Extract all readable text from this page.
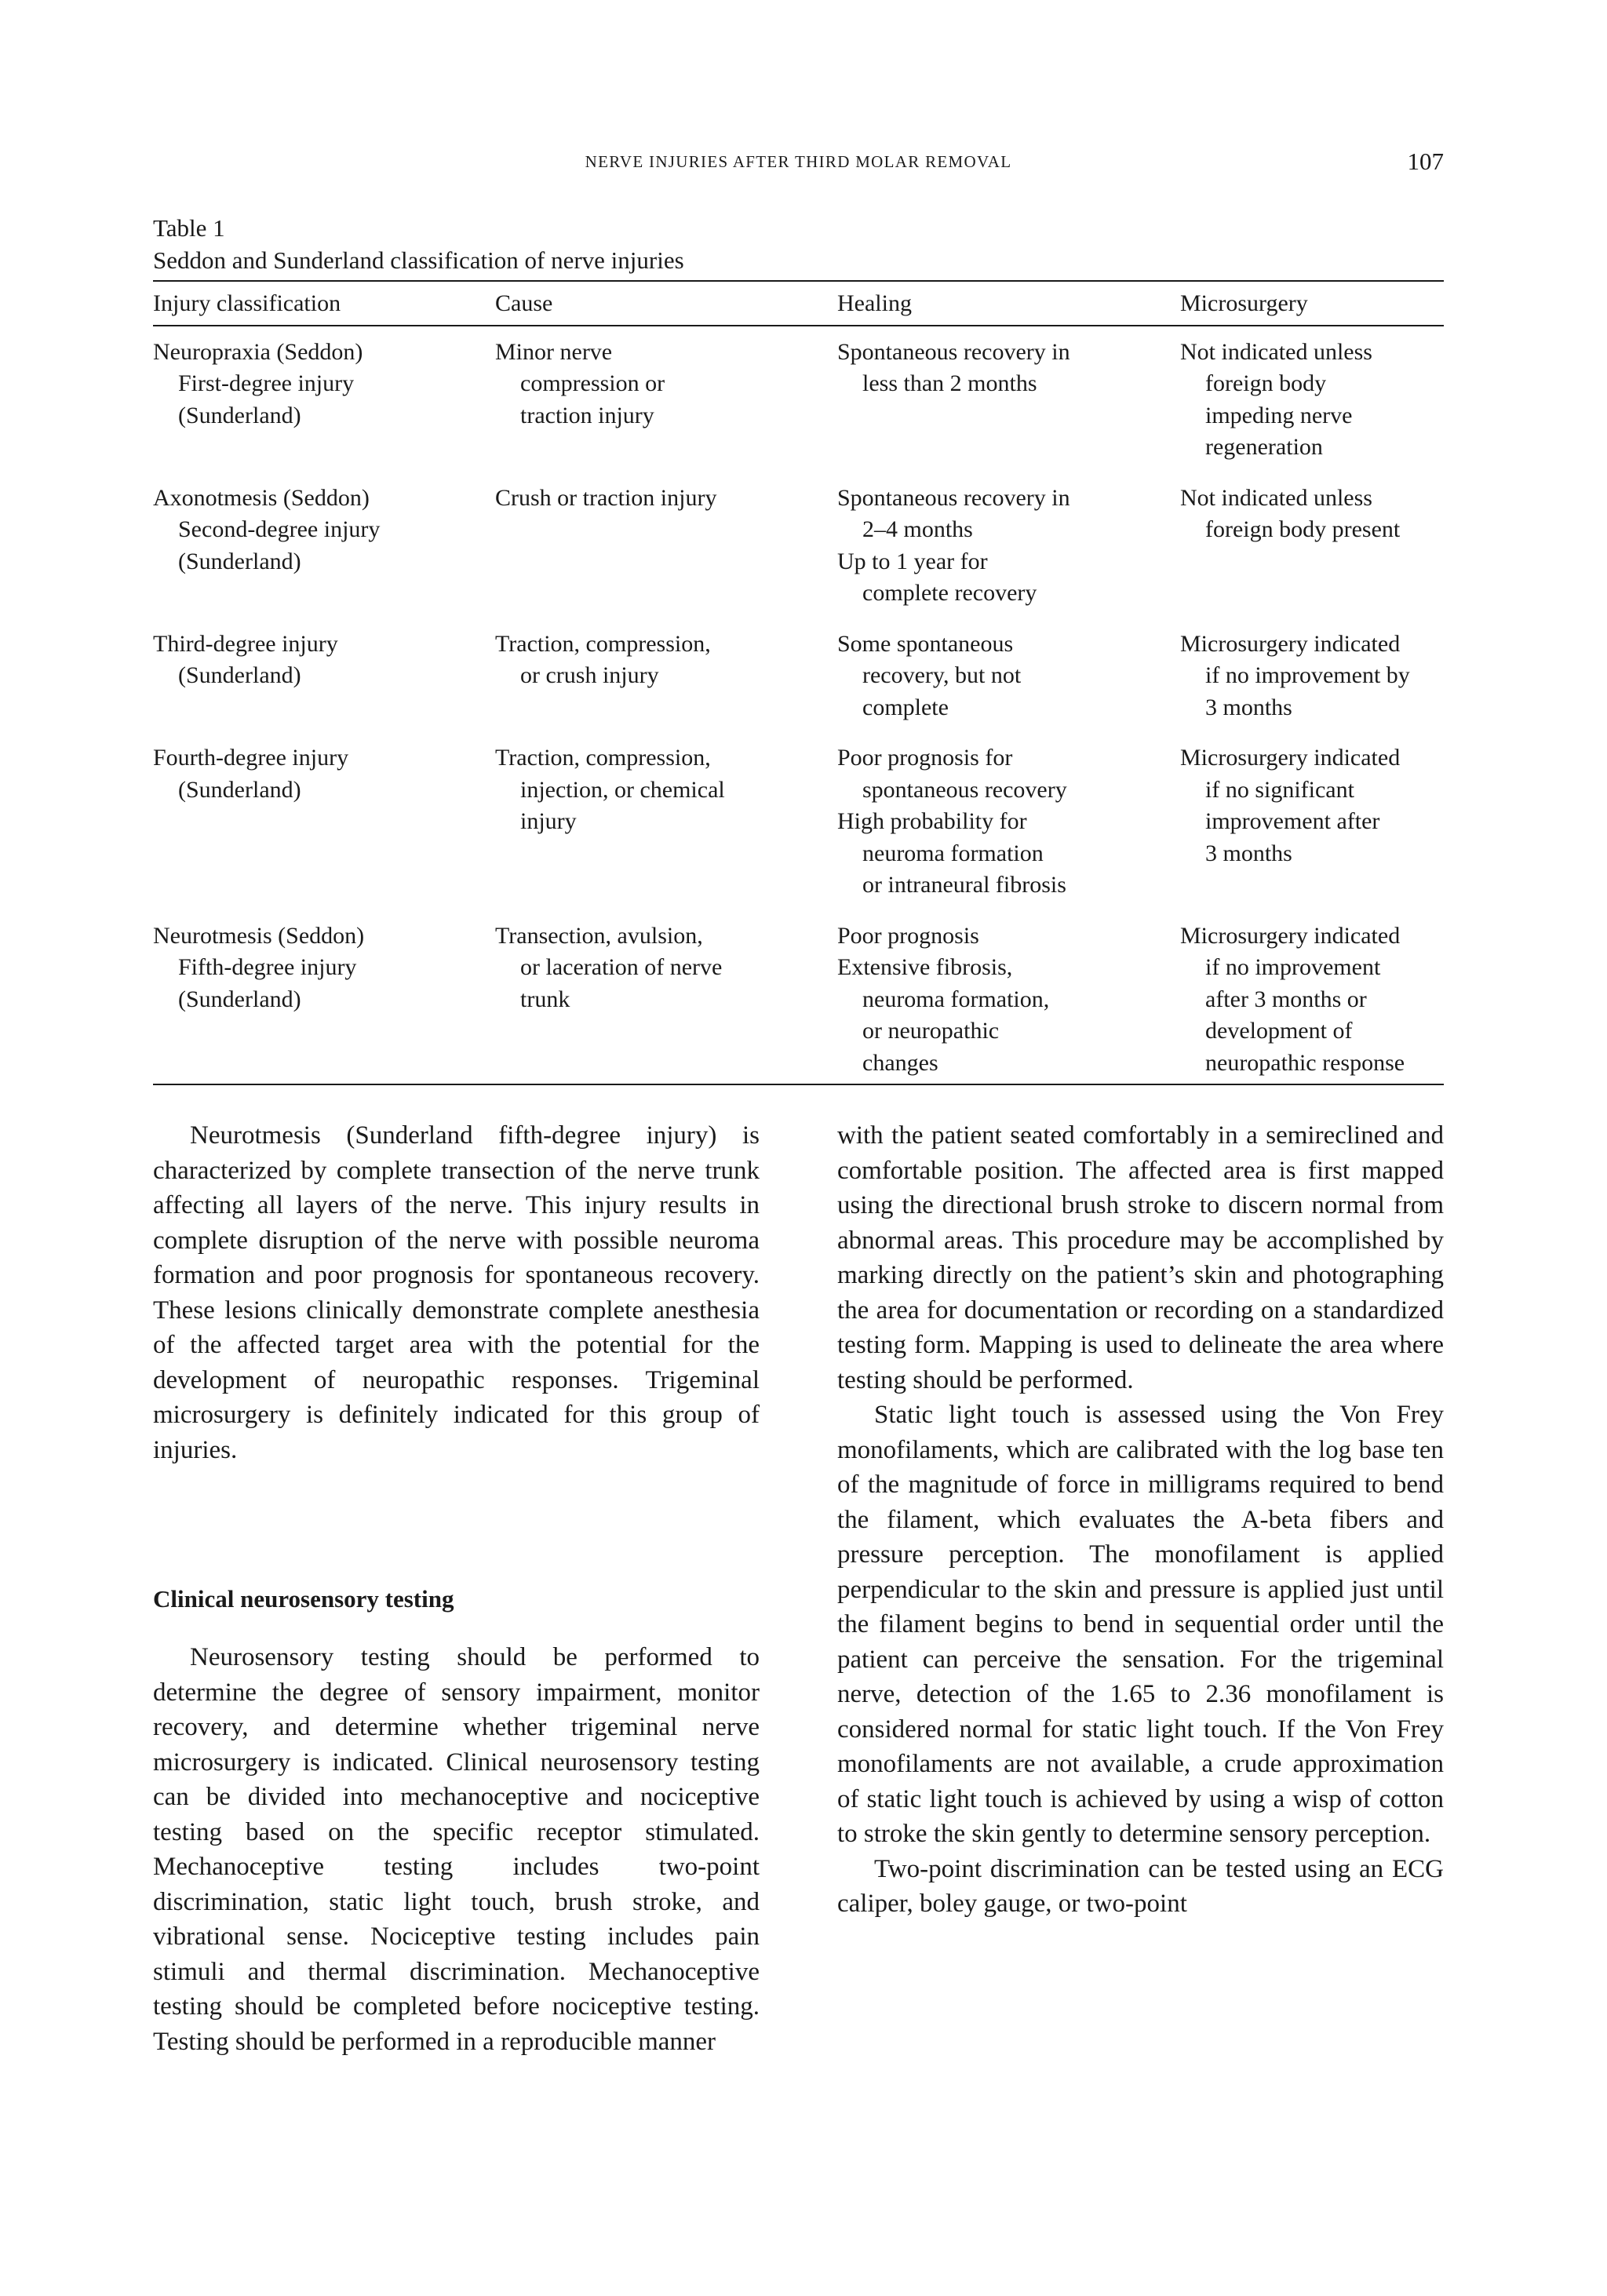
NERVE INJURIES AFTER THIRD MOLAR REMOVAL	107
Table 1
Seddon and Sunderland classification of nerve injuries
Injury classification	Cause	Healing	Microsurgery

Neuropraxia (Seddon)
First-degree injury
(Sunderland)	Minor nerve
compression or
traction injury	Spontaneous recovery in
less than 2 months	Not indicated unless
foreign body
impeding nerve
regeneration

Axonotmesis (Seddon)
Second-degree injury
(Sunderland)	Crush or traction injury	Spontaneous recovery in
2–4 months
Up to 1 year for
complete recovery	Not indicated unless
foreign body present

Third-degree injury
(Sunderland)	Traction, compression,
or crush injury	Some spontaneous
recovery, but not
complete	Microsurgery indicated
if no improvement by
3 months

Fourth-degree injury
(Sunderland)	Traction, compression,
injection, or chemical
injury	Poor prognosis for
spontaneous recovery
High probability for
neuroma formation
or intraneural fibrosis	Microsurgery indicated
if no significant
improvement after
3 months

Neurotmesis (Seddon)
Fifth-degree injury
(Sunderland)	Transection, avulsion,
or laceration of nerve
trunk	Poor prognosis
Extensive fibrosis,
neuroma formation,
or neuropathic
changes	Microsurgery indicated
if no improvement
after 3 months or
development of
neuropathic response

Neurotmesis (Sunderland fifth-degree injury) is characterized by complete transection of the nerve trunk affecting all layers of the nerve. This injury results in complete disruption of the nerve with possible neuroma formation and poor prognosis for spontaneous recovery. These lesions clinically demonstrate complete anesthesia of the affected target area with the potential for the development of neuropathic responses. Trigeminal microsurgery is definitely indicated for this group of injuries.

Clinical neurosensory testing

Neurosensory testing should be performed to determine the degree of sensory impairment, monitor recovery, and determine whether trigeminal nerve microsurgery is indicated. Clinical neurosensory testing can be divided into mechanoceptive and nociceptive testing based on the specific receptor stimulated. Mechanoceptive testing includes two-point discrimination, static light touch, brush stroke, and vibrational sense. Nociceptive testing includes pain stimuli and thermal discrimination. Mechanoceptive testing should be completed before nociceptive testing. Testing should be performed in a reproducible manner

with the patient seated comfortably in a semireclined and comfortable position. The affected area is first mapped using the directional brush stroke to discern normal from abnormal areas. This procedure may be accomplished by marking directly on the patient’s skin and photographing the area for documentation or recording on a standardized testing form. Mapping is used to delineate the area where testing should be performed.

Static light touch is assessed using the Von Frey monofilaments, which are calibrated with the log base ten of the magnitude of force in milligrams required to bend the filament, which evaluates the A-beta fibers and pressure perception. The monofilament is applied perpendicular to the skin and pressure is applied just until the filament begins to bend in sequential order until the patient can perceive the sensation. For the trigeminal nerve, detection of the 1.65 to 2.36 monofilament is considered normal for static light touch. If the Von Frey monofilaments are not available, a crude approximation of static light touch is achieved by using a wisp of cotton to stroke the skin gently to determine sensory perception.

Two-point discrimination can be tested using an ECG caliper, boley gauge, or two-point
